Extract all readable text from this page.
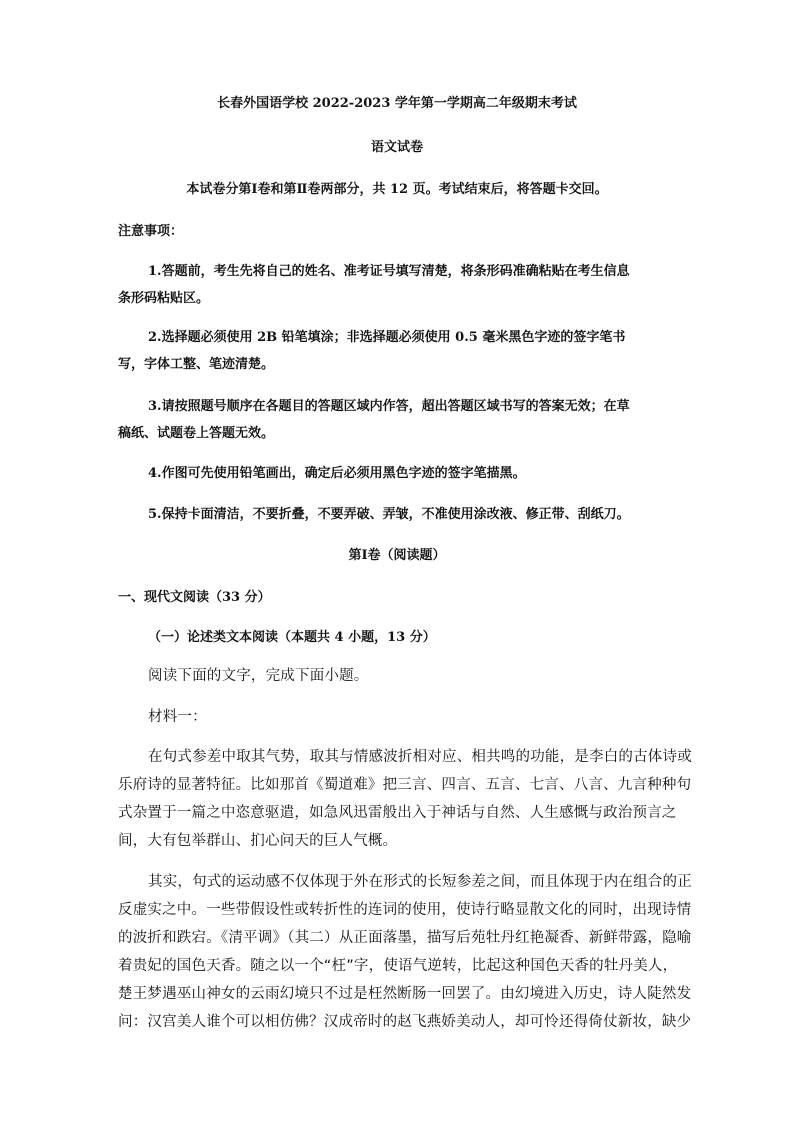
长春外国语学校 2022-2023 学年第一学期高二年级期末考试
语文试卷
本试卷分第Ⅰ卷和第Ⅱ卷两部分，共 12 页。考试结束后，将答题卡交回。
注意事项：
1.答题前，考生先将自己的姓名、准考证号填写清楚，将条形码准确粘贴在考生信息
条形码粘贴区。
2.选择题必须使用 2B 铅笔填涂；非选择题必须使用 0.5 毫米黑色字迹的签字笔书
写，字体工整、笔迹清楚。
3.请按照题号顺序在各题目的答题区域内作答，超出答题区域书写的答案无效；在草
稿纸、试题卷上答题无效。
4.作图可先使用铅笔画出，确定后必须用黑色字迹的签字笔描黑。
5.保持卡面清洁，不要折叠，不要弄破、弄皱，不准使用涂改液、修正带、刮纸刀。
第Ⅰ卷（阅读题）
一、现代文阅读（33 分）
（一）论述类文本阅读（本题共 4 小题，13 分）
阅读下面的文字，完成下面小题。
材料一：
在句式参差中取其气势，取其与情感波折相对应、相共鸣的功能，是李白的古体诗或
乐府诗的显著特征。比如那首《蜀道难》把三言、四言、五言、七言、八言、九言种种句
式杂置于一篇之中恣意驱遣，如急风迅雷般出入于神话与自然、人生感慨与政治预言之
间，大有包举群山、扪心问天的巨人气概。
其实，句式的运动感不仅体现于外在形式的长短参差之间，而且体现于内在组合的正
反虚实之中。一些带假设性或转折性的连词的使用，使诗行略显散文化的同时，出现诗情
的波折和跌宕。《清平调》（其二）从正面落墨，描写后苑牡丹红艳凝香、新鲜带露，隐喻
着贵妃的国色天香。随之以一个“枉”字，使语气逆转，比起这种国色天香的牡丹美人，
楚王梦遇巫山神女的云雨幻境只不过是枉然断肠一回罢了。由幻境进入历史，诗人陡然发
问：汉宫美人谁个可以相仿佛？汉成帝时的赵飞燕娇美动人，却可怜还得倚仗新妆，缺少
